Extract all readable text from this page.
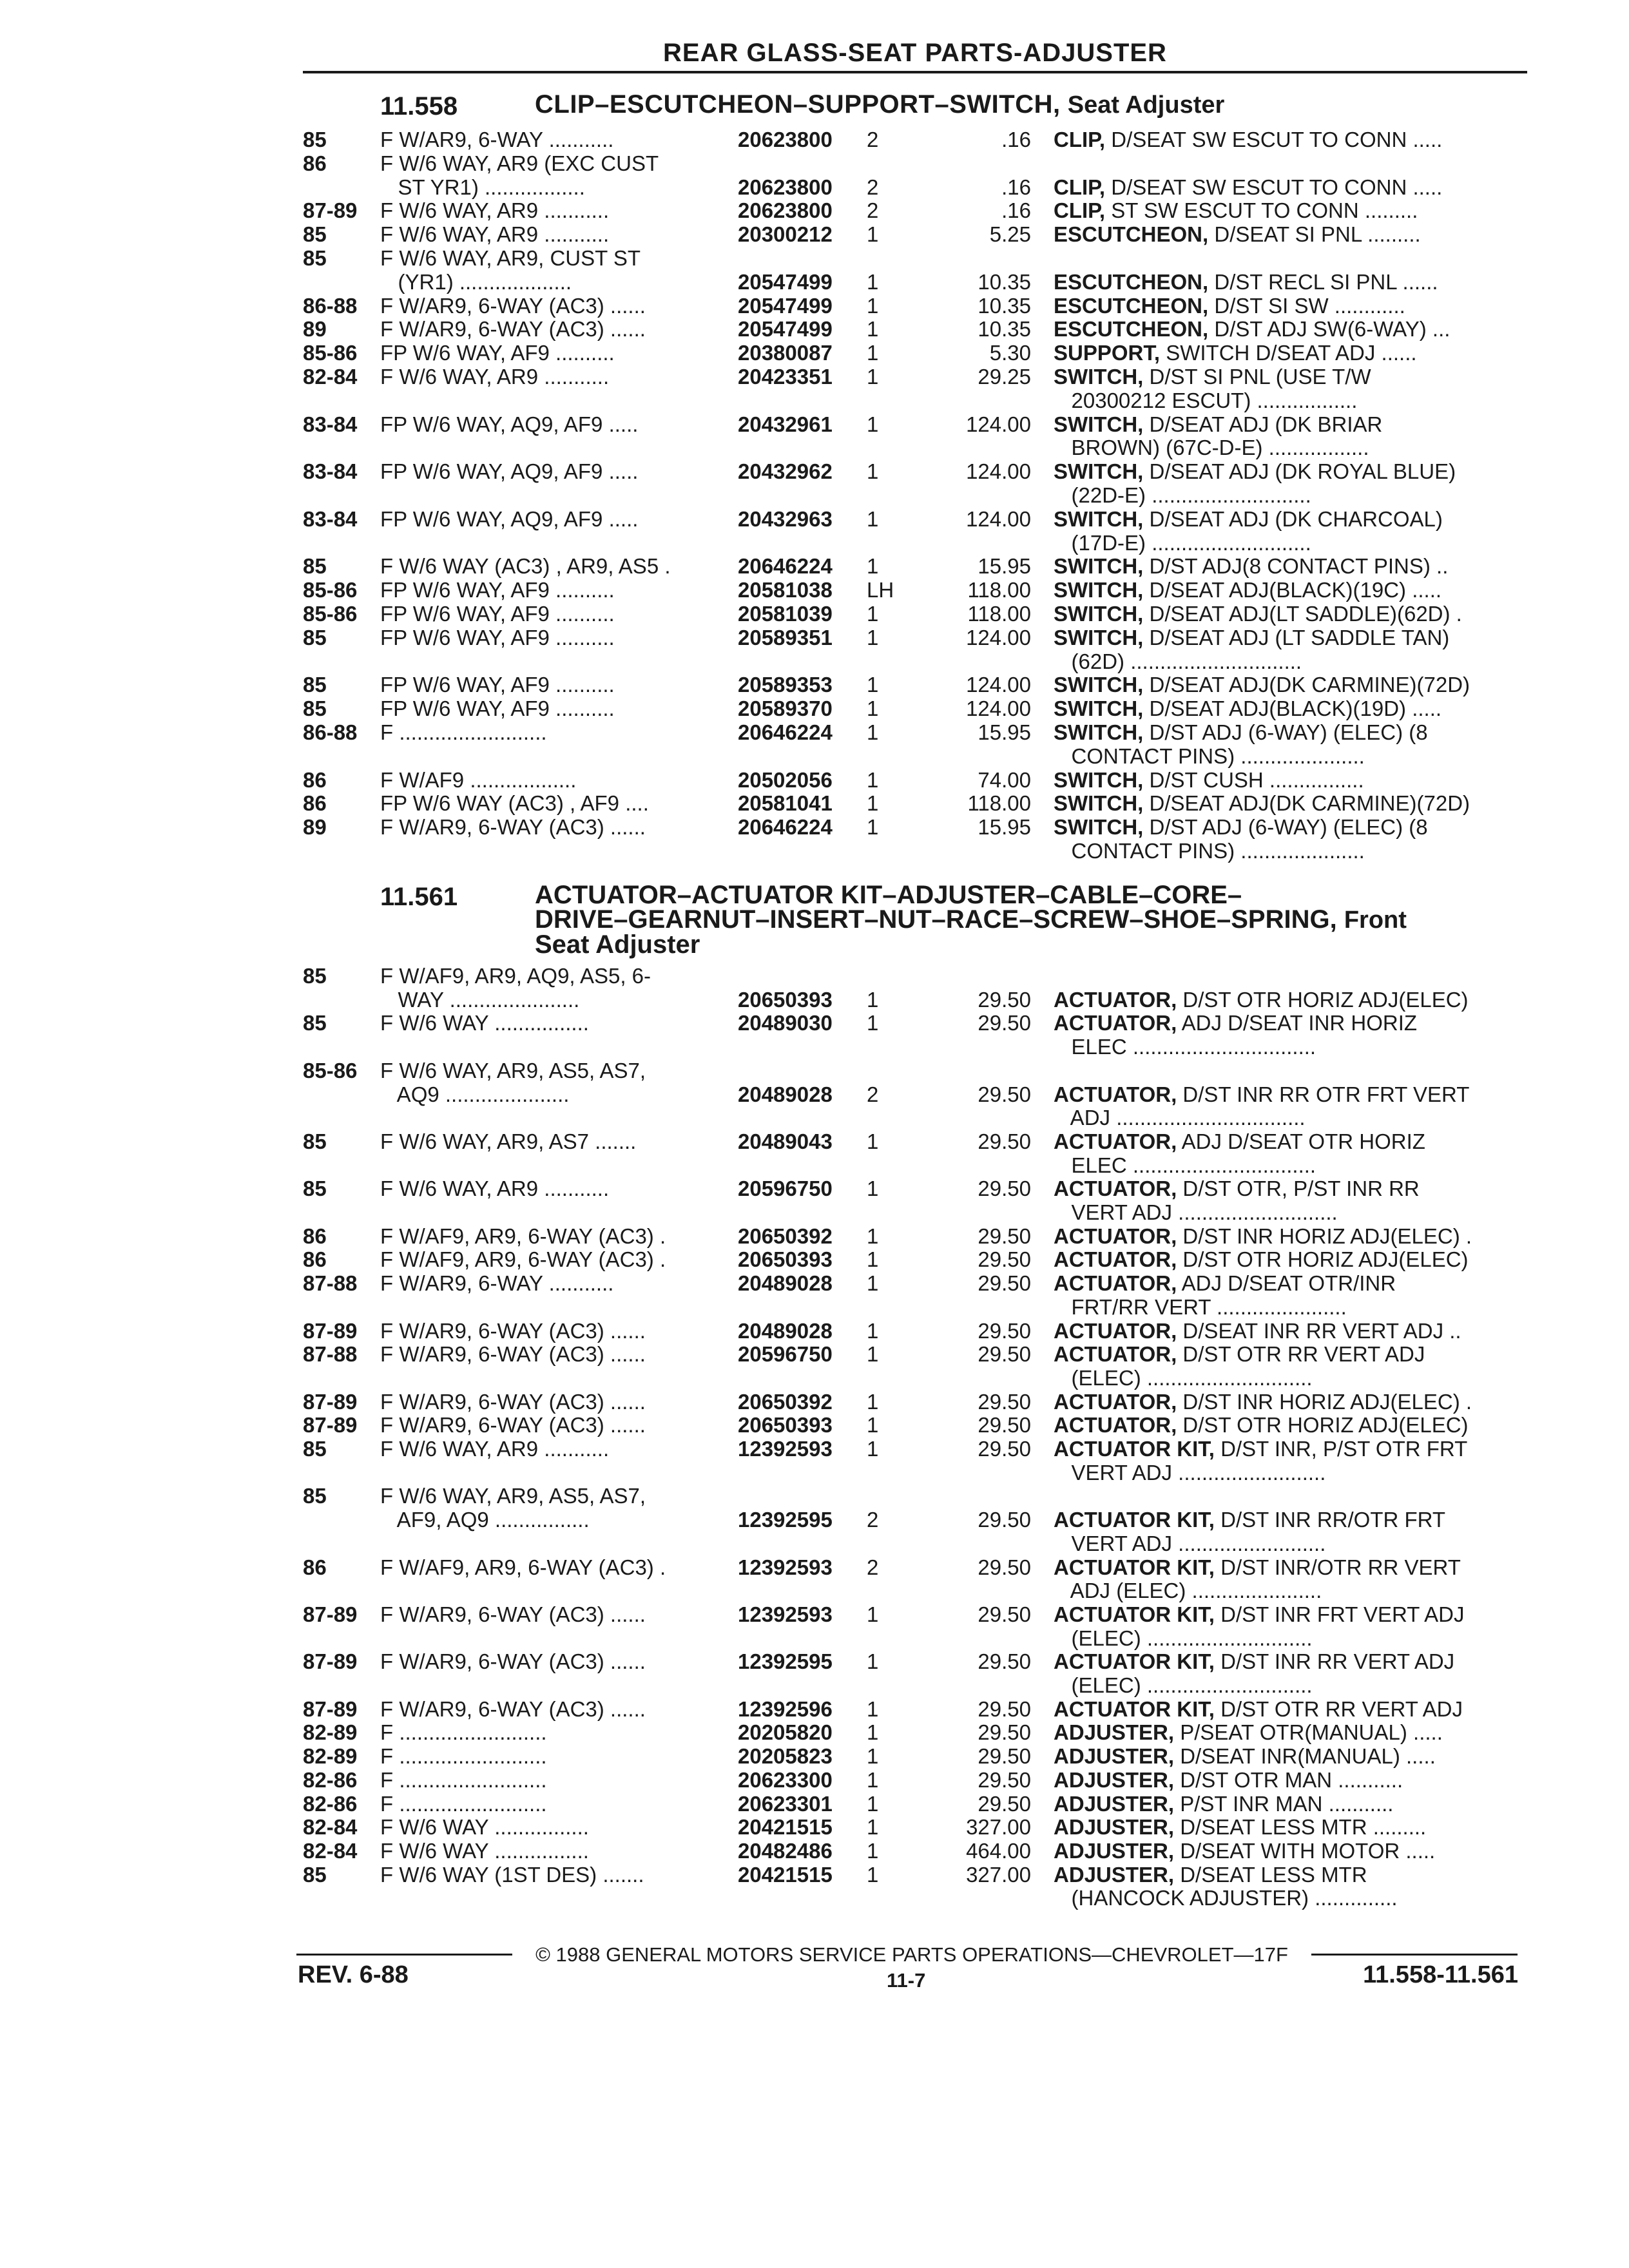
REAR GLASS-SEAT PARTS-ADJUSTER
11.558	CLIP–ESCUTCHEON–SUPPORT–SWITCH, Seat Adjuster
85	F W/AR9, 6-WAY ...........	20623800 2	.16 CLIP, D/SEAT SW ESCUT TO CONN .....
86	F W/6 WAY, AR9 (EXC CUST
ST YR1) .................	20623800 2	.16 CLIP, D/SEAT SW ESCUT TO CONN .....
87-89 F W/6 WAY, AR9 ...........	20623800 2	.16 CLIP, ST SW ESCUT TO CONN .........
85	F W/6 WAY, AR9 ...........	20300212 1	5.25 ESCUTCHEON, D/SEAT SI PNL .........
85	F W/6 WAY, AR9, CUST ST
(YR1) ...................	20547499 1	10.35 ESCUTCHEON, D/ST RECL SI PNL ......
86-88 F W/AR9, 6-WAY (AC3) ......	20547499 1	10.35 ESCUTCHEON, D/ST SI SW ............
89	F W/AR9, 6-WAY (AC3) ......	20547499 1	10.35 ESCUTCHEON, D/ST ADJ SW(6-WAY) ...
85-86 FP W/6 WAY, AF9 ..........	20380087 1	5.30 SUPPORT, SWITCH D/SEAT ADJ ......
82-84 F W/6 WAY, AR9 ...........	20423351 1	29.25 SWITCH, D/ST SI PNL (USE T/W
20300212 ESCUT) .................
83-84 FP W/6 WAY, AQ9, AF9 .....	20432961 1	124.00 SWITCH, D/SEAT ADJ (DK BRIAR
BROWN) (67C-D-E) .................
83-84 FP W/6 WAY, AQ9, AF9 .....	20432962 1	124.00 SWITCH, D/SEAT ADJ (DK ROYAL BLUE)
(22D-E) ...........................
83-84 FP W/6 WAY, AQ9, AF9 .....	20432963 1	124.00 SWITCH, D/SEAT ADJ (DK CHARCOAL)
(17D-E) ...........................
85	F W/6 WAY (AC3) , AR9, AS5 .	20646224 1	15.95 SWITCH, D/ST ADJ(8 CONTACT PINS) ..
85-86 FP W/6 WAY, AF9 ..........	20581038 LH	118.00 SWITCH, D/SEAT ADJ(BLACK)(19C) .....
85-86 FP W/6 WAY, AF9 ..........	20581039 1	118.00 SWITCH, D/SEAT ADJ(LT SADDLE)(62D) .
85	FP W/6 WAY, AF9 ..........	20589351 1	124.00 SWITCH, D/SEAT ADJ (LT SADDLE TAN)
(62D) .............................
85	FP W/6 WAY, AF9 ..........	20589353 1	124.00 SWITCH, D/SEAT ADJ(DK CARMINE)(72D)
85	FP W/6 WAY, AF9 ..........	20589370 1	124.00 SWITCH, D/SEAT ADJ(BLACK)(19D) .....
86-88 F .........................	20646224 1	15.95 SWITCH, D/ST ADJ (6-WAY) (ELEC) (8
CONTACT PINS) .....................
86	F W/AF9 ..................	20502056 1	74.00 SWITCH, D/ST CUSH ................
86	FP W/6 WAY (AC3) , AF9 ....	20581041 1	118.00 SWITCH, D/SEAT ADJ(DK CARMINE)(72D)
89	F W/AR9, 6-WAY (AC3) ......	20646224 1	15.95 SWITCH, D/ST ADJ (6-WAY) (ELEC) (8
CONTACT PINS) .....................
11.561	ACTUATOR–ACTUATOR KIT–ADJUSTER–CABLE–CORE–
DRIVE–GEARNUT–INSERT–NUT–RACE–SCREW–SHOE–SPRING, Front
Seat Adjuster
85	F W/AF9, AR9, AQ9, AS5, 6-
WAY ......................	20650393 1	29.50 ACTUATOR, D/ST OTR HORIZ ADJ(ELEC)
85	F W/6 WAY ................	20489030 1	29.50 ACTUATOR, ADJ D/SEAT INR HORIZ
ELEC ...............................
85-86 F W/6 WAY, AR9, AS5, AS7,
AQ9 .....................	20489028 2	29.50 ACTUATOR, D/ST INR RR OTR FRT VERT
ADJ ................................
85	F W/6 WAY, AR9, AS7 .......	20489043 1	29.50 ACTUATOR, ADJ D/SEAT OTR HORIZ
ELEC ...............................
85	F W/6 WAY, AR9 ...........	20596750 1	29.50 ACTUATOR, D/ST OTR, P/ST INR RR
VERT ADJ ...........................
86	F W/AF9, AR9, 6-WAY (AC3) .	20650392 1	29.50 ACTUATOR, D/ST INR HORIZ ADJ(ELEC) .
86	F W/AF9, AR9, 6-WAY (AC3) .	20650393 1	29.50 ACTUATOR, D/ST OTR HORIZ ADJ(ELEC)
87-88 F W/AR9, 6-WAY ...........	20489028 1	29.50 ACTUATOR, ADJ D/SEAT OTR/INR
FRT/RR VERT ......................
87-89 F W/AR9, 6-WAY (AC3) ......	20489028 1	29.50 ACTUATOR, D/SEAT INR RR VERT ADJ ..
87-88 F W/AR9, 6-WAY (AC3) ......	20596750 1	29.50 ACTUATOR, D/ST OTR RR VERT ADJ
(ELEC) ............................
87-89 F W/AR9, 6-WAY (AC3) ......	20650392 1	29.50 ACTUATOR, D/ST INR HORIZ ADJ(ELEC) .
87-89 F W/AR9, 6-WAY (AC3) ......	20650393 1	29.50 ACTUATOR, D/ST OTR HORIZ ADJ(ELEC)
85	F W/6 WAY, AR9 ...........	12392593 1	29.50 ACTUATOR KIT, D/ST INR, P/ST OTR FRT
VERT ADJ .........................
85	F W/6 WAY, AR9, AS5, AS7,
AF9, AQ9 ................	12392595 2	29.50 ACTUATOR KIT, D/ST INR RR/OTR FRT
VERT ADJ .........................
86	F W/AF9, AR9, 6-WAY (AC3) .	12392593 2	29.50 ACTUATOR KIT, D/ST INR/OTR RR VERT
ADJ (ELEC) ......................
87-89 F W/AR9, 6-WAY (AC3) ......	12392593 1	29.50 ACTUATOR KIT, D/ST INR FRT VERT ADJ
(ELEC) ............................
87-89 F W/AR9, 6-WAY (AC3) ......	12392595 1	29.50 ACTUATOR KIT, D/ST INR RR VERT ADJ
(ELEC) ............................
87-89 F W/AR9, 6-WAY (AC3) ......	12392596 1	29.50 ACTUATOR KIT, D/ST OTR RR VERT ADJ
82-89 F .........................	20205820 1	29.50 ADJUSTER, P/SEAT OTR(MANUAL) .....
82-89 F .........................	20205823 1	29.50 ADJUSTER, D/SEAT INR(MANUAL) .....
82-86 F .........................	20623300 1	29.50 ADJUSTER, D/ST OTR MAN ...........
82-86 F .........................	20623301 1	29.50 ADJUSTER, P/ST INR MAN ...........
82-84 F W/6 WAY ................	20421515 1	327.00 ADJUSTER, D/SEAT LESS MTR .........
82-84 F W/6 WAY ................	20482486 1	464.00 ADJUSTER, D/SEAT WITH MOTOR .....
85	F W/6 WAY (1ST DES) .......	20421515 1	327.00 ADJUSTER, D/SEAT LESS MTR
(HANCOCK ADJUSTER) ..............
© 1988 GENERAL MOTORS SERVICE PARTS OPERATIONS—CHEVROLET—17F
REV. 6-88	11-7	11.558-11.561
